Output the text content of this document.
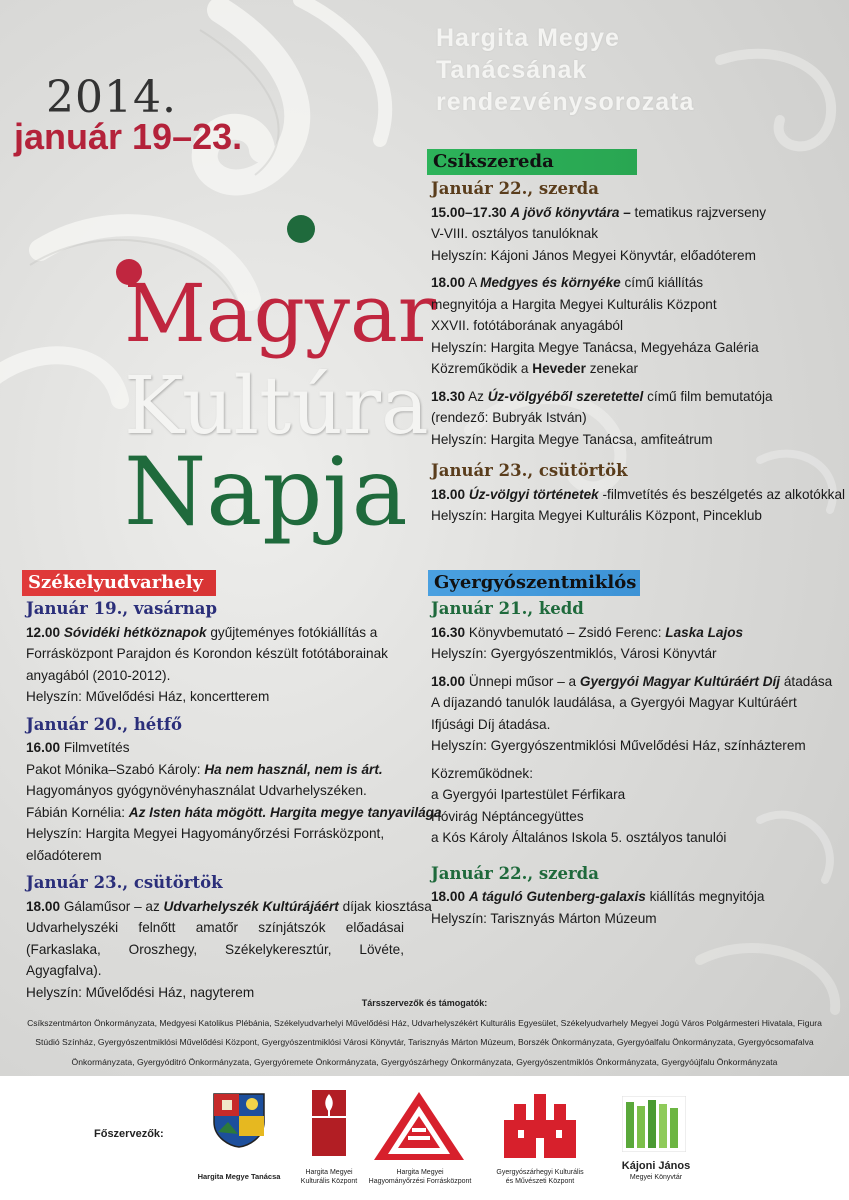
Hargita Megye
Tanácsának
rendezvénysorozata
2014.
január 19–23.
Magyar
Kultúra
Napja
Csíkszereda
Január 22., szerda
15.00–17.30 A jövő könyvtára – tematikus rajzverseny
V-VIII. osztályos tanulóknak
Helyszín: Kájoni János Megyei Könyvtár, előadóterem
18.00 A Medgyes és környéke című kiállítás
megnyitója a Hargita Megyei Kulturális Központ
XXVII. fotótáborának anyagából
Helyszín: Hargita Megye Tanácsa, Megyeháza Galéria
Közreműködik a Heveder zenekar
18.30 Az Úz-völgyéből szeretettel című film bemutatója
(rendező: Bubryák István)
Helyszín: Hargita Megye Tanácsa, amfiteátrum
Január 23., csütörtök
18.00 Úz-völgyi történetek -filmvetítés és beszélgetés az alkotókkal
Helyszín: Hargita Megyei Kulturális Központ, Pinceklub
Székelyudvarhely
Január 19., vasárnap
12.00 Sóvidéki hétköznapok gyűjteményes fotókiállítás a
Forrásközpont Parajdon és Korondon készült fotótáborainak
anyagából (2010-2012).
Helyszín: Művelődési Ház, koncertterem
Január 20., hétfő
16.00 Filmvetítés
Pakot Mónika–Szabó Károly: Ha nem használ, nem is árt.
Hagyományos gyógynövényhasználat Udvarhelyszéken.
Fábián Kornélia: Az Isten háta mögött. Hargita megye tanyavilága
Helyszín: Hargita Megyei Hagyományőrzési Forrásközpont,
előadóterem
Január 23., csütörtök
18.00 Gálaműsor – az Udvarhelyszék Kultúrájáért díjak kiosztása
Udvarhelyszéki felnőtt amatőr színjátszók előadásai (Farkaslaka, Oroszhegy, Székelykeresztúr, Lövéte, Agyagfalva).
Helyszín: Művelődési Ház, nagyterem
Gyergyószentmiklós
Január 21., kedd
16.30 Könyvbemutató – Zsidó Ferenc: Laska Lajos
Helyszín: Gyergyószentmiklós, Városi Könyvtár
18.00 Ünnepi műsor – a Gyergyói Magyar Kultúráért Díj átadása
A díjazandó tanulók laudálása, a Gyergyói Magyar Kultúráért
Ifjúsági Díj átadása.
Helyszín: Gyergyószentmiklósi Művelődési Ház, színházterem
Közreműködnek:
a Gyergyói Ipartestület Férfikara
Hóvirág Néptáncegyüttes
a Kós Károly Általános Iskola 5. osztályos tanulói
Január 22., szerda
18.00 A táguló Gutenberg-galaxis kiállítás megnyitója
Helyszín: Tarisznyás Márton Múzeum
Társszervezők és támogatók:
Csíkszentmárton Önkormányzata, Medgyesi Katolikus Plébánia, Székelyudvarhelyi Művelődési Ház, Udvarhelyszékért Kulturális Egyesület, Székelyudvarhely Megyei Jogú Város Polgármesteri Hivatala, Figura
Stúdió Színház, Gyergyószentmiklósi Művelődési Központ, Gyergyószentmiklósi Városi Könyvtár, Tarisznyás Márton Múzeum, Borszék Önkormányzata, Gyergyóalfalu Önkormányzata, Gyergyócsomafalva
Önkormányzata, Gyergyóditró Önkormányzata, Gyergyóremete Önkormányzata, Gyergyószárhegy Önkormányzata, Gyergyószentmiklós Önkormányzata, Gyergyóújfalu Önkormányzata
Főszervezők:
Hargita Megye Tanácsa	Hargita Megyei
Kulturális Központ
Hargita Megyei
Hagyományőrzési Forrásközpont
Gyergyószárhegyi Kulturális
és Művészeti Központ
Kájoni János
Megyei Könyvtár
